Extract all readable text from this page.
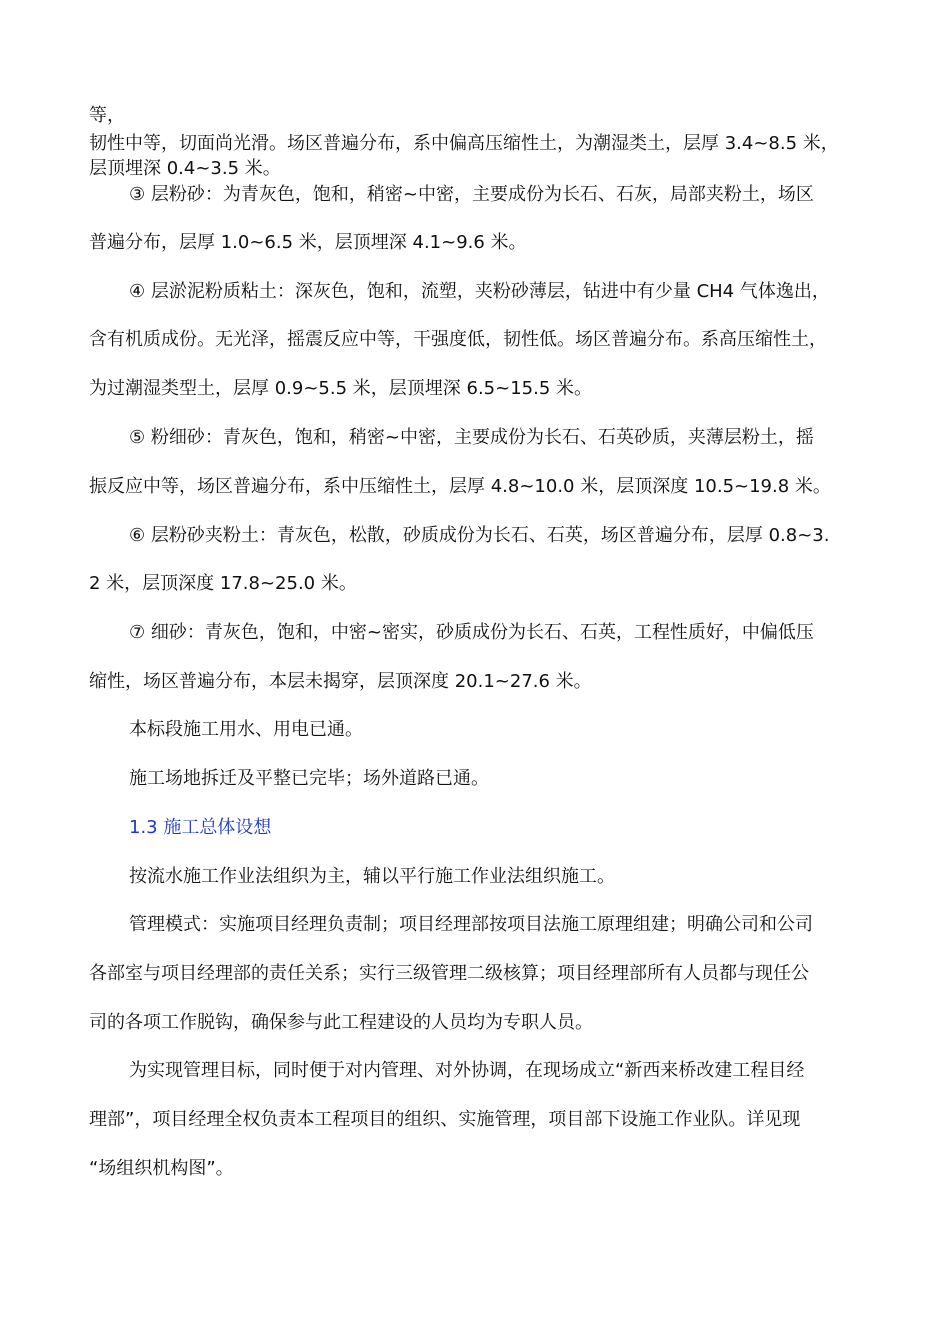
等，
韧性中等，切面尚光滑。场区普遍分布，系中偏高压缩性土，为潮湿类土，层厚 3.4~8.5 米，
层顶埋深 0.4~3.5 米。
③ 层粉砂：为青灰色，饱和，稍密~中密，主要成份为长石、石灰，局部夹粉土，场区
普遍分布，层厚 1.0~6.5 米，层顶埋深 4.1~9.6 米。
④ 层淤泥粉质粘土：深灰色，饱和，流塑，夹粉砂薄层，钻进中有少量 CH4 气体逸出，
含有机质成份。无光泽，摇震反应中等，干强度低，韧性低。场区普遍分布。系高压缩性土，
为过潮湿类型土，层厚 0.9~5.5 米，层顶埋深 6.5~15.5 米。
⑤ 粉细砂：青灰色，饱和，稍密~中密，主要成份为长石、石英砂质，夹薄层粉土，摇
振反应中等，场区普遍分布，系中压缩性土，层厚 4.8~10.0 米，层顶深度 10.5~19.8 米。
⑥ 层粉砂夹粉土：青灰色，松散，砂质成份为长石、石英，场区普遍分布，层厚 0.8~3.
2 米，层顶深度 17.8~25.0 米。
⑦ 细砂：青灰色，饱和，中密~密实，砂质成份为长石、石英，工程性质好，中偏低压
缩性，场区普遍分布，本层未揭穿，层顶深度 20.1~27.6 米。
本标段施工用水、用电已通。
施工场地拆迁及平整已完毕；场外道路已通。
1.3 施工总体设想
按流水施工作业法组织为主，辅以平行施工作业法组织施工。
管理模式：实施项目经理负责制；项目经理部按项目法施工原理组建；明确公司和公司
各部室与项目经理部的责任关系；实行三级管理二级核算；项目经理部所有人员都与现任公
司的各项工作脱钩，确保参与此工程建设的人员均为专职人员。
为实现管理目标，同时便于对内管理、对外协调，在现场成立“新西来桥改建工程目经
理部”，项目经理全权负责本工程项目的组织、实施管理，项目部下设施工作业队。详见现
“场组织机构图”。
